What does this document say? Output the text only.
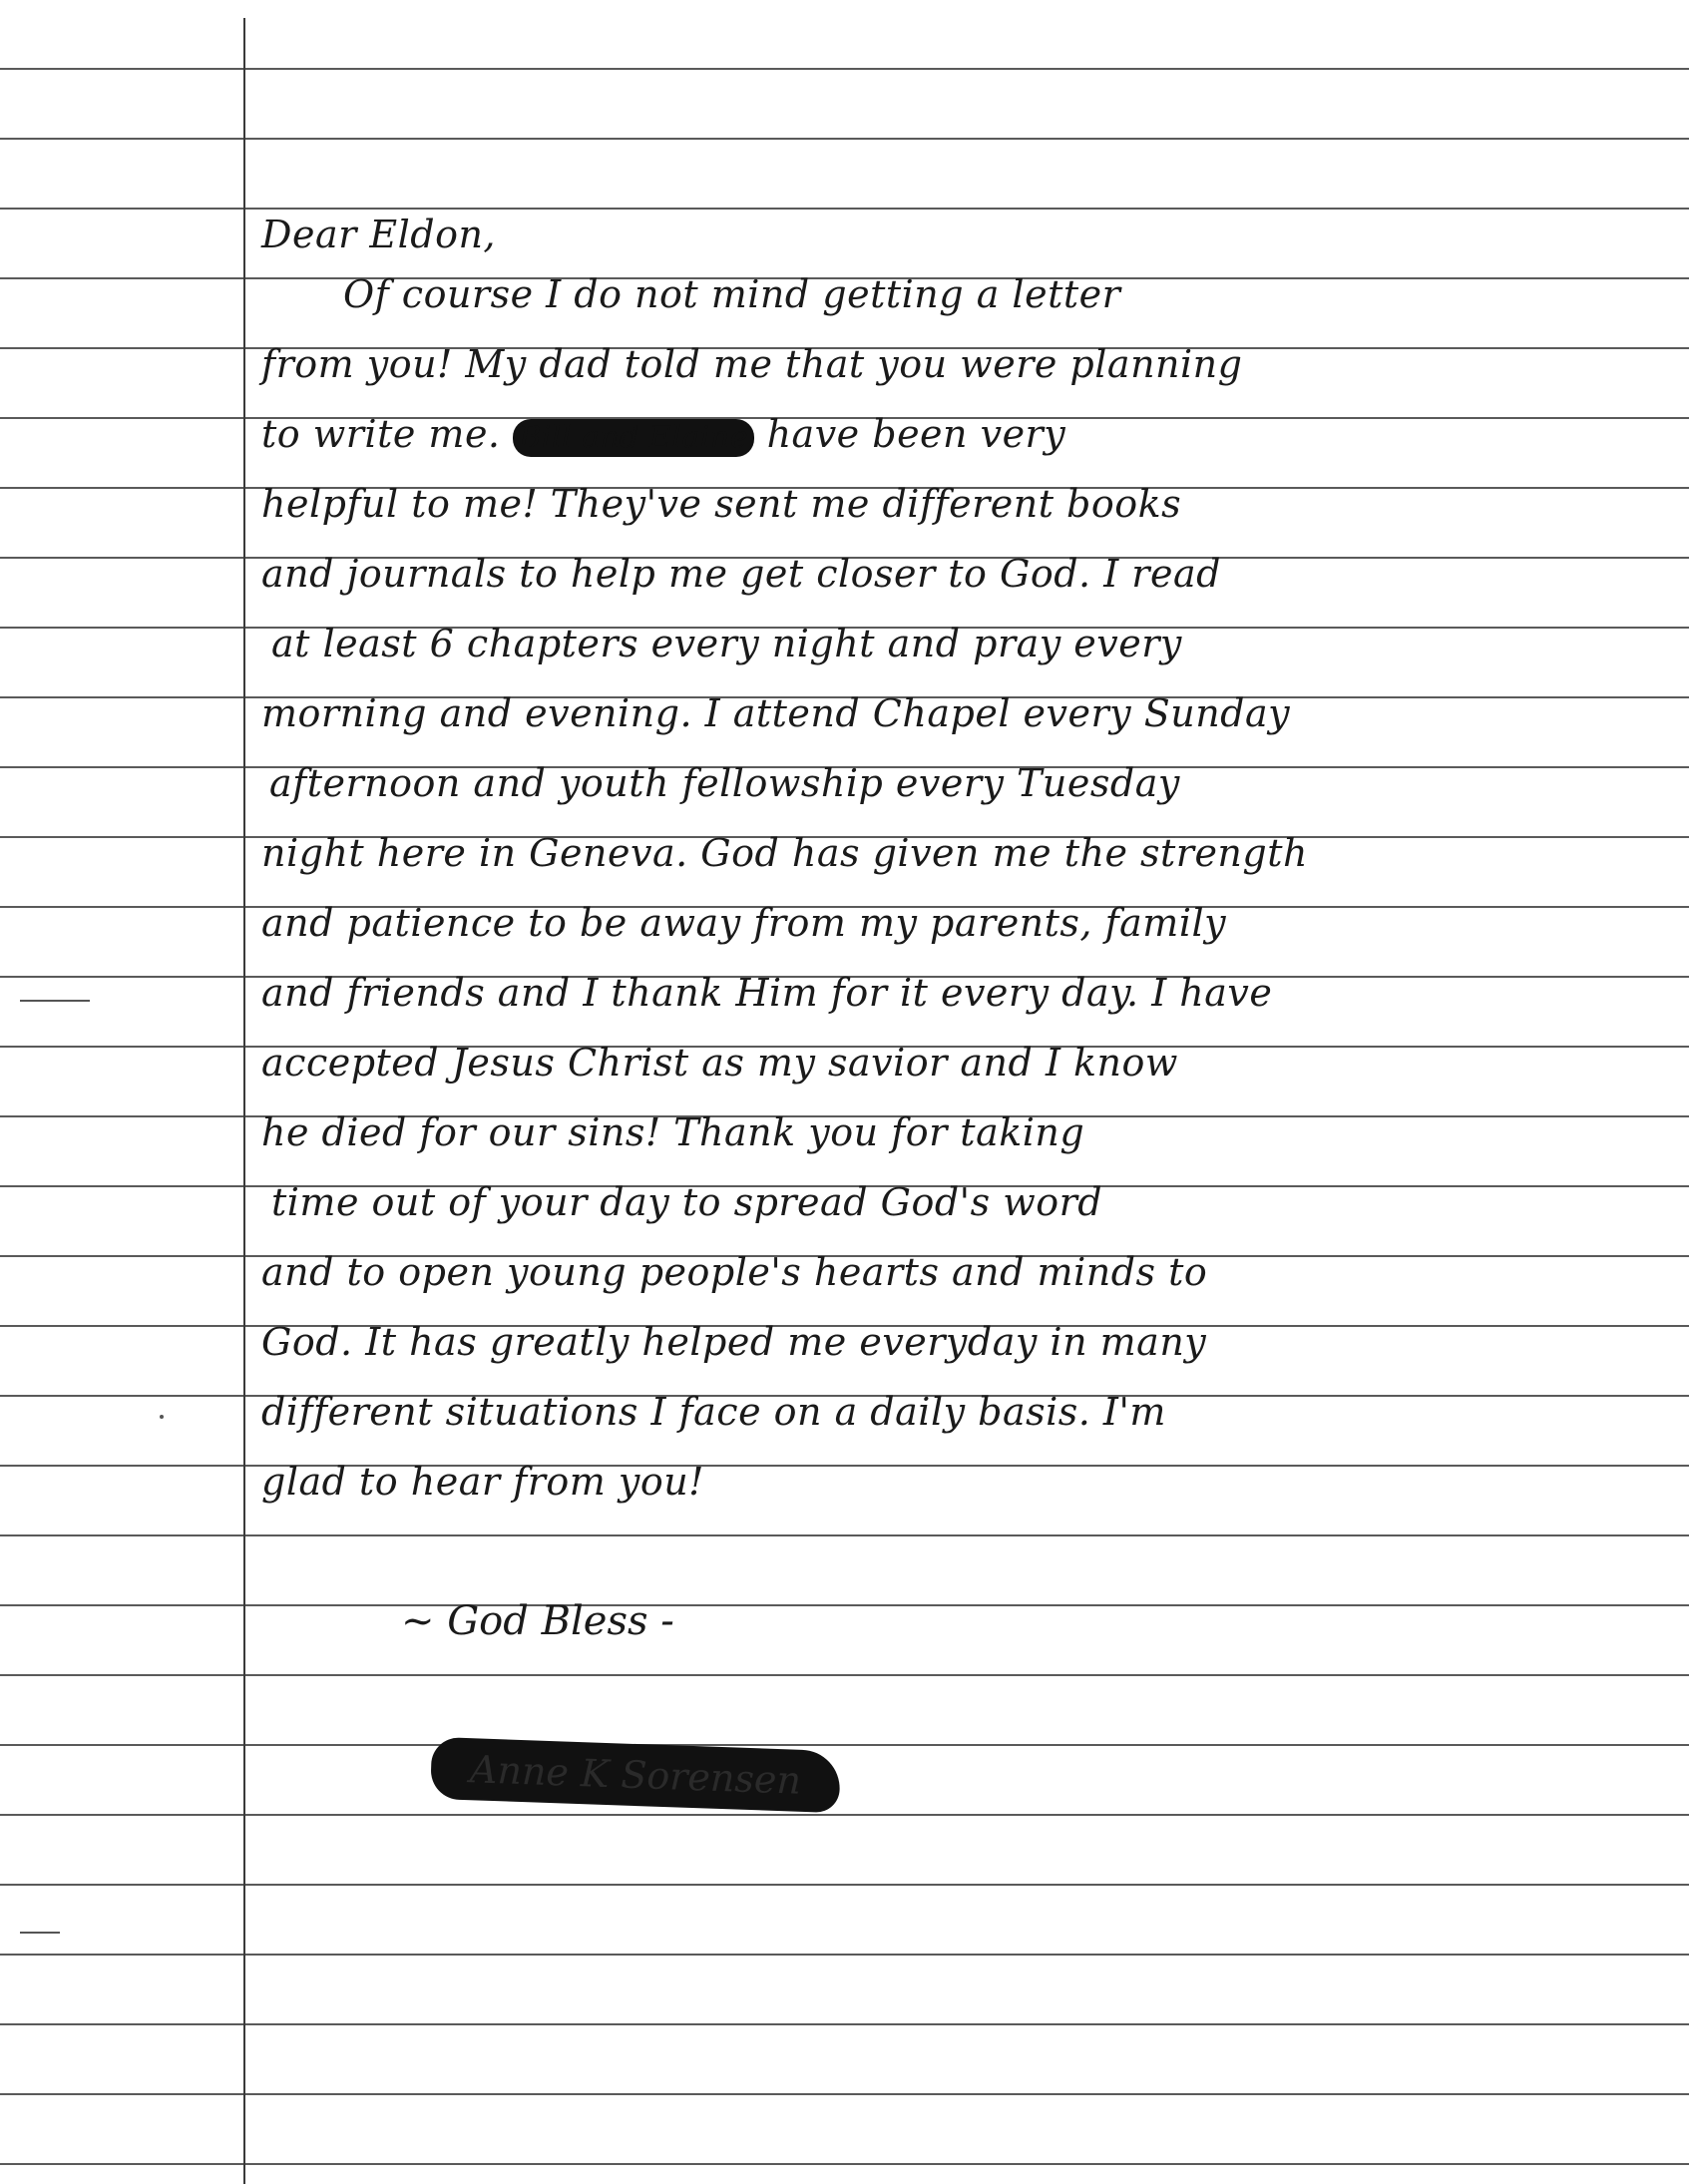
Dear Eldon,
Of course I do not mind getting a letter
from you! My dad told me that you were planning
to write me. Bill and Elaine have been very
helpful to me! They've sent me different books
and journals to help me get closer to God. I read
at least 6 chapters every night and pray every
morning and evening. I attend Chapel every Sunday
afternoon and youth fellowship every Tuesday
night here in Geneva. God has given me the strength
and patience to be away from my parents, family
and friends and I thank Him for it every day. I have
accepted Jesus Christ as my savior and I know
he died for our sins! Thank you for taking
time out of your day to spread God's word
and to open young people's hearts and minds to
God. It has greatly helped me everyday in many
different situations I face on a daily basis. I'm
glad to hear from you!
~ God Bless -
Anne K Sorensen
